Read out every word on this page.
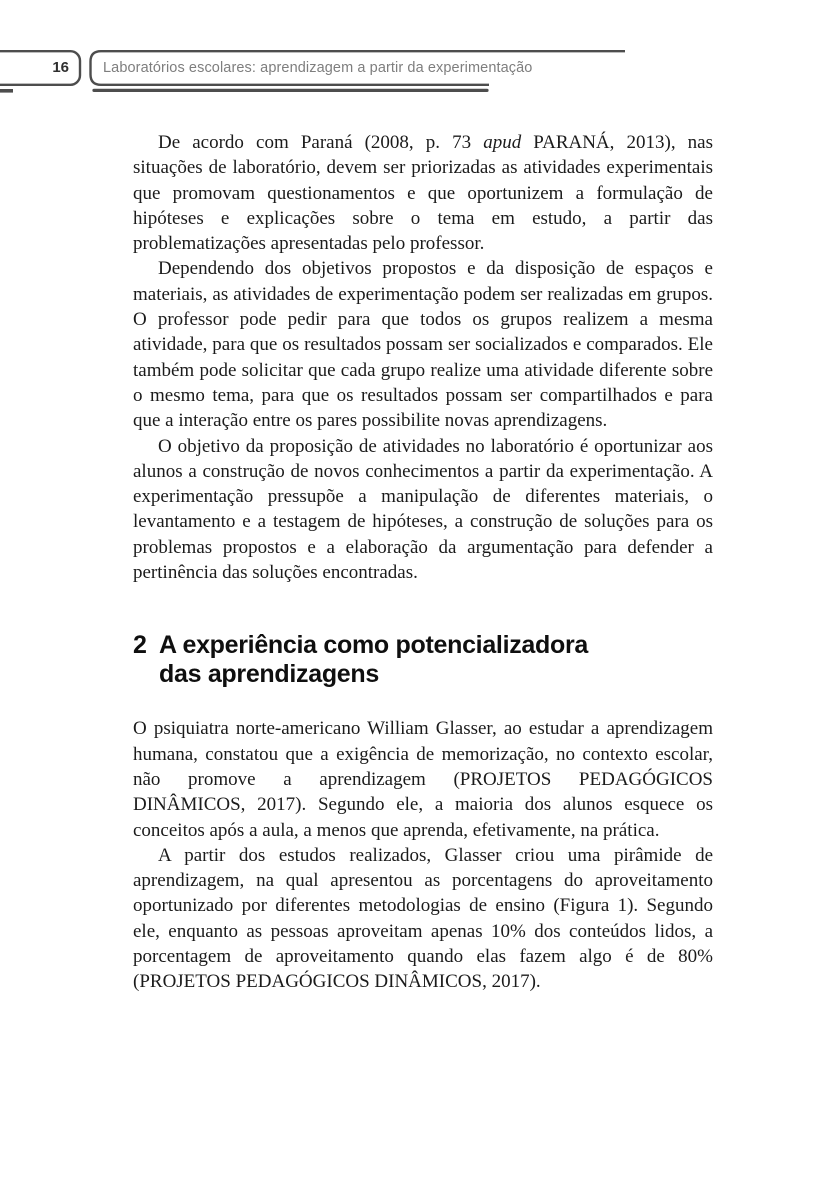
16 Laboratórios escolares: aprendizagem a partir da experimentação

De acordo com Paraná (2008, p. 73 apud PARANÁ, 2013), nas situações de laboratório, devem ser priorizadas as atividades experimentais que promovam questionamentos e que oportunizem a formulação de hipóteses e explicações sobre o tema em estudo, a partir das problematizações apresentadas pelo professor.

Dependendo dos objetivos propostos e da disposição de espaços e materiais, as atividades de experimentação podem ser realizadas em grupos. O professor pode pedir para que todos os grupos realizem a mesma atividade, para que os resultados possam ser socializados e comparados. Ele também pode solicitar que cada grupo realize uma atividade diferente sobre o mesmo tema, para que os resultados possam ser compartilhados e para que a interação entre os pares possibilite novas aprendizagens.

O objetivo da proposição de atividades no laboratório é oportunizar aos alunos a construção de novos conhecimentos a partir da experimentação. A experimentação pressupõe a manipulação de diferentes materiais, o levantamento e a testagem de hipóteses, a construção de soluções para os problemas propostos e a elaboração da argumentação para defender a pertinência das soluções encontradas.

2 A experiência como potencializadora
das aprendizagens

O psiquiatra norte-americano William Glasser, ao estudar a aprendizagem humana, constatou que a exigência de memorização, no contexto escolar, não promove a aprendizagem (PROJETOS PEDAGÓGICOS DINÂMICOS, 2017). Segundo ele, a maioria dos alunos esquece os conceitos após a aula, a menos que aprenda, efetivamente, na prática.

A partir dos estudos realizados, Glasser criou uma pirâmide de aprendizagem, na qual apresentou as porcentagens do aproveitamento oportunizado por diferentes metodologias de ensino (Figura 1). Segundo ele, enquanto as pessoas aproveitam apenas 10% dos conteúdos lidos, a porcentagem de aproveitamento quando elas fazem algo é de 80% (PROJETOS PEDAGÓGICOS DINÂMICOS, 2017).
